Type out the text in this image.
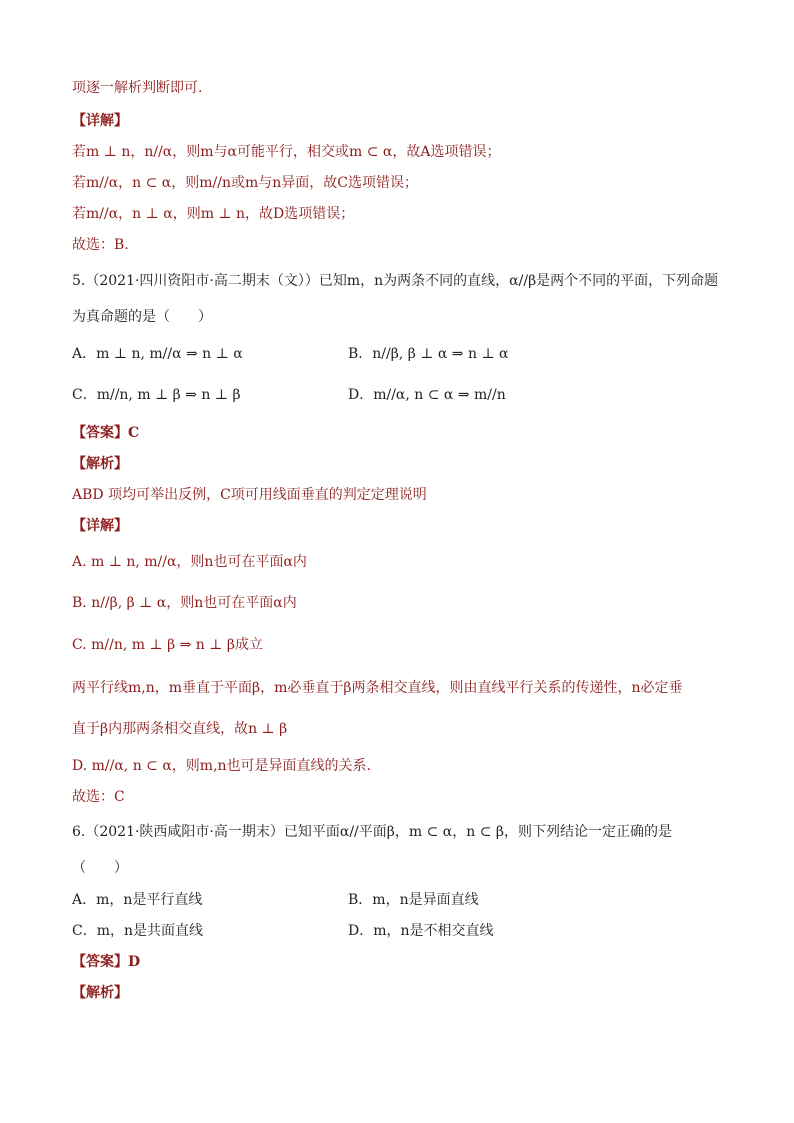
项逐一解析判断即可.
【详解】
若m ⊥ n，n//α，则m与α可能平行，相交或m ⊂ α，故A选项错误；
若m//α，n ⊂ α，则m//n或m与n异面，故C选项错误；
若m//α，n ⊥ α，则m ⊥ n，故D选项错误；
故选：B.
5.（2021·四川资阳市·高二期末（文））已知m，n为两条不同的直线，α//β是两个不同的平面，下列命题
为真命题的是（　　）
A．m ⊥ n, m//α ⇒ n ⊥ α	B．n//β, β ⊥ α ⇒ n ⊥ α
C．m//n, m ⊥ β ⇒ n ⊥ β	D．m//α, n ⊂ α ⇒ m//n
【答案】C
【解析】
ABD 项均可举出反例，C项可用线面垂直的判定定理说明
【详解】
A. m ⊥ n, m//α，则n也可在平面α内
B. n//β, β ⊥ α，则n也可在平面α内
C. m//n, m ⊥ β ⇒ n ⊥ β成立
两平行线m,n，m垂直于平面β，m必垂直于β两条相交直线，则由直线平行关系的传递性，n必定垂
直于β内那两条相交直线，故n ⊥ β
D. m//α, n ⊂ α，则m,n也可是异面直线的关系.
故选：C
6.（2021·陕西咸阳市·高一期末）已知平面α//平面β，m ⊂ α，n ⊂ β，则下列结论一定正确的是
（　　）
A．m，n是平行直线	B．m，n是异面直线
C．m，n是共面直线	D．m，n是不相交直线
【答案】D
【解析】
